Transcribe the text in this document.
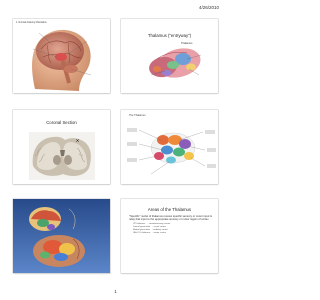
4/26/2010
1. Normal Anatomy Illustration
Thalamus ("entryway")
Thalamus
Coronal Section
The Thalamus
Areas of the Thalamus
"Specific" nuclei of thalamus receive specific sensory or motor input & relay that input to the appropriate sensory or motor region of cortex
VP thalamus → somatosensory cortex
Lateral geniculate → visual cortex
Medial geniculate → auditory cortex
VA & VL thalamus → motor cortex
1
